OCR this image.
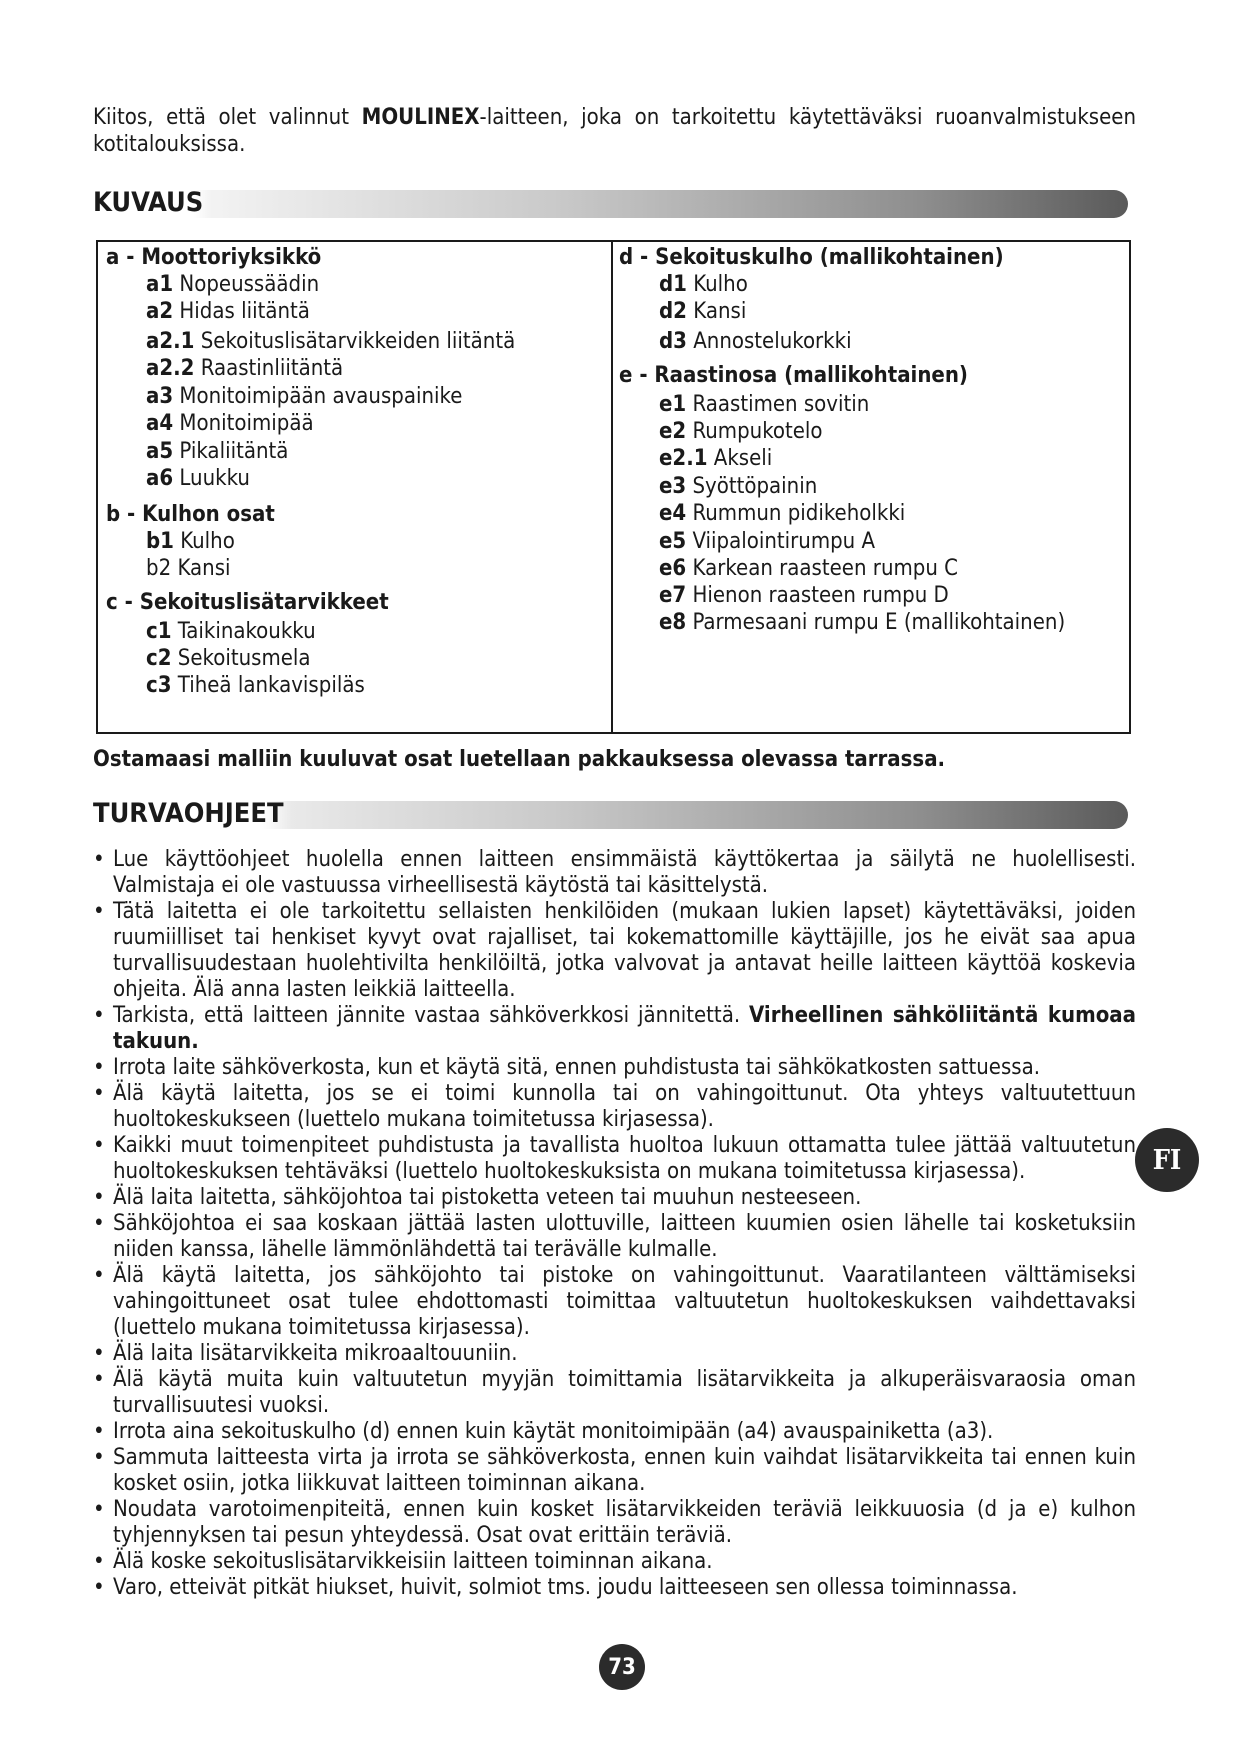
Kiitos, että olet valinnut MOULINEX-laitteen, joka on tarkoitettu käytettäväksi ruoanvalmistukseen kotitalouksissa.
KUVAUS
a - Moottoriyksikkö
a1 Nopeussäädin
a2 Hidas liitäntä
a2.1 Sekoituslisätarvikkeiden liitäntä
a2.2 Raastinliitäntä
a3 Monitoimipään avauspainike
a4 Monitoimipää
a5 Pikaliitäntä
a6 Luukku
b - Kulhon osat
b1 Kulho
b2 Kansi
c - Sekoituslisätarvikkeet
c1 Taikinakoukku
c2 Sekoitusmela
c3 Tiheä lankavispiläs
d - Sekoituskulho (mallikohtainen)
d1 Kulho
d2 Kansi
d3 Annostelukorkki
e - Raastinosa (mallikohtainen)
e1 Raastimen sovitin
e2 Rumpukotelo
e2.1 Akseli
e3 Syöttöpainin
e4 Rummun pidikeholkki
e5 Viipalointirumpu A
e6 Karkean raasteen rumpu C
e7 Hienon raasteen rumpu D
e8 Parmesaani rumpu E (mallikohtainen)
Ostamaasi malliin kuuluvat osat luetellaan pakkauksessa olevassa tarrassa.
TURVAOHJEET
• Lue käyttöohjeet huolella ennen laitteen ensimmäistä käyttökertaa ja säilytä ne huolellisesti. Valmistaja ei ole vastuussa virheellisestä käytöstä tai käsittelystä.
• Tätä laitetta ei ole tarkoitettu sellaisten henkilöiden (mukaan lukien lapset) käytettäväksi, joiden ruumiilliset tai henkiset kyvyt ovat rajalliset, tai kokemattomille käyttäjille, jos he eivät saa apua turvallisuudestaan huolehtivilta henkilöiltä, jotka valvovat ja antavat heille laitteen käyttöä koskevia ohjeita. Älä anna lasten leikkiä laitteella.
• Tarkista, että laitteen jännite vastaa sähköverkkosi jännitettä. Virheellinen sähköliitäntä kumoaa takuun.
• Irrota laite sähköverkosta, kun et käytä sitä, ennen puhdistusta tai sähkökatkosten sattuessa.
• Älä käytä laitetta, jos se ei toimi kunnolla tai on vahingoittunut. Ota yhteys valtuutettuun huoltokeskukseen (luettelo mukana toimitetussa kirjasessa).
• Kaikki muut toimenpiteet puhdistusta ja tavallista huoltoa lukuun ottamatta tulee jättää valtuutetun huoltokeskuksen tehtäväksi (luettelo huoltokeskuksista on mukana toimitetussa kirjasessa).
• Älä laita laitetta, sähköjohtoa tai pistoketta veteen tai muuhun nesteeseen.
• Sähköjohtoa ei saa koskaan jättää lasten ulottuville, laitteen kuumien osien lähelle tai kosketuksiin niiden kanssa, lähelle lämmönlähdettä tai terävälle kulmalle.
• Älä käytä laitetta, jos sähköjohto tai pistoke on vahingoittunut. Vaaratilanteen välttämiseksi vahingoittuneet osat tulee ehdottomasti toimittaa valtuutetun huoltokeskuksen vaihdettavaksi (luettelo mukana toimitetussa kirjasessa).
• Älä laita lisätarvikkeita mikroaaltouuniin.
• Älä käytä muita kuin valtuutetun myyjän toimittamia lisätarvikkeita ja alkuperäisvaraosia oman turvallisuutesi vuoksi.
• Irrota aina sekoituskulho (d) ennen kuin käytät monitoimipään (a4) avauspainiketta (a3).
• Sammuta laitteesta virta ja irrota se sähköverkosta, ennen kuin vaihdat lisätarvikkeita tai ennen kuin kosket osiin, jotka liikkuvat laitteen toiminnan aikana.
• Noudata varotoimenpiteitä, ennen kuin kosket lisätarvikkeiden teräviä leikkuuosia (d ja e) kulhon tyhjennyksen tai pesun yhteydessä. Osat ovat erittäin teräviä.
• Älä koske sekoituslisätarvikkeisiin laitteen toiminnan aikana.
• Varo, etteivät pitkät hiukset, huivit, solmiot tms. joudu laitteeseen sen ollessa toiminnassa.
FI
73
